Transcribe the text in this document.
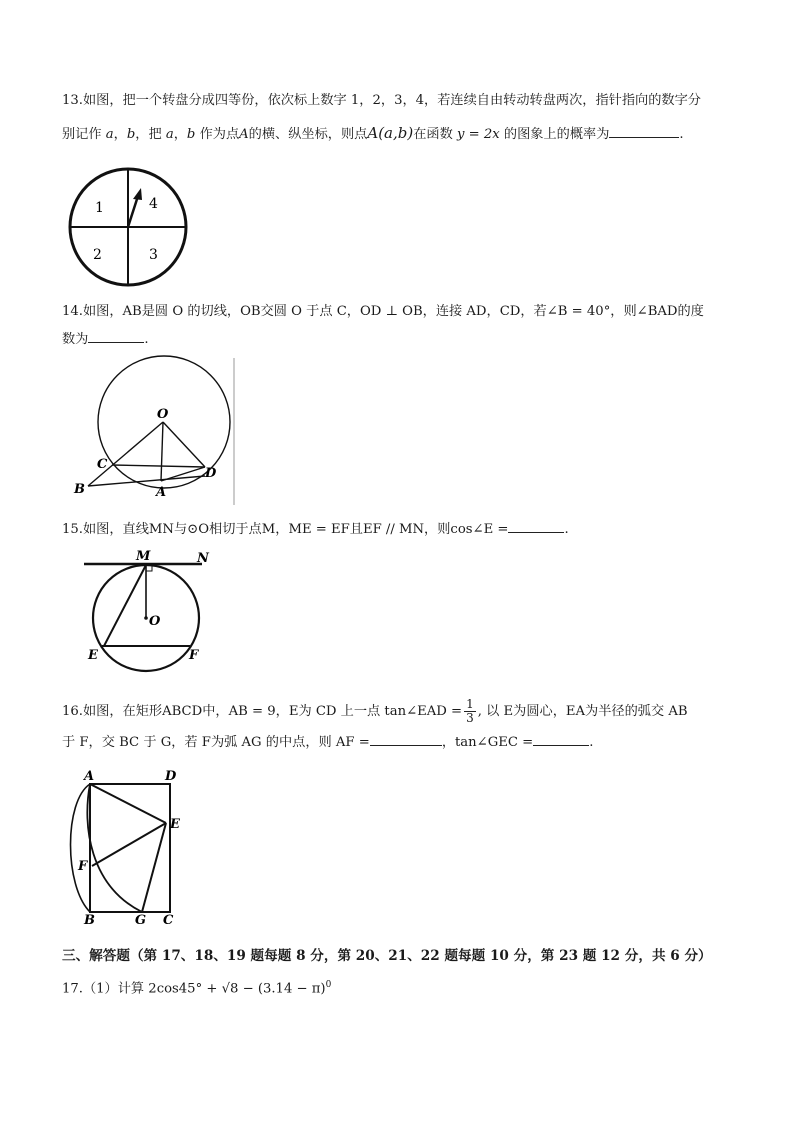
13.如图，把一个转盘分成四等份，依次标上数字 1，2，3，4，若连续自由转动转盘两次，指针指向的数字分
别记作 a，b，把 a，b 作为点A的横、纵坐标，则点A(a,b)在函数 y = 2x 的图象上的概率为	.
1	4
2	3
14.如图，AB是圆 O 的切线，OB交圆 O 于点 C，OD ⊥ OB，连接 AD，CD，若∠B = 40°，则∠BAD的度
数为	.
O
C
D
B	A
15.如图，直线MN与⊙O相切于点M，ME = EF且EF // MN，则cos∠E =	.
M	N
O
E	F
16.如图，在矩形ABCD中，AB = 9，E为 CD 上一点 tan∠EAD = $\frac{1}{3}$ , 以 E为圆心，EA为半径的弧交 AB
于 F，交 BC 于 G，若 F为弧 AG 的中点，则 AF =	，tan∠GEC =	.
A	D
E
F
B	G C
三、解答题（第 17、18、19 题每题 8 分，第 20、21、22 题每题 10 分，第 23 题 12 分，共 6 分）
17.（1）计算 $2\cos 45^\circ + √8 - (3.14 - \pi)^0$
